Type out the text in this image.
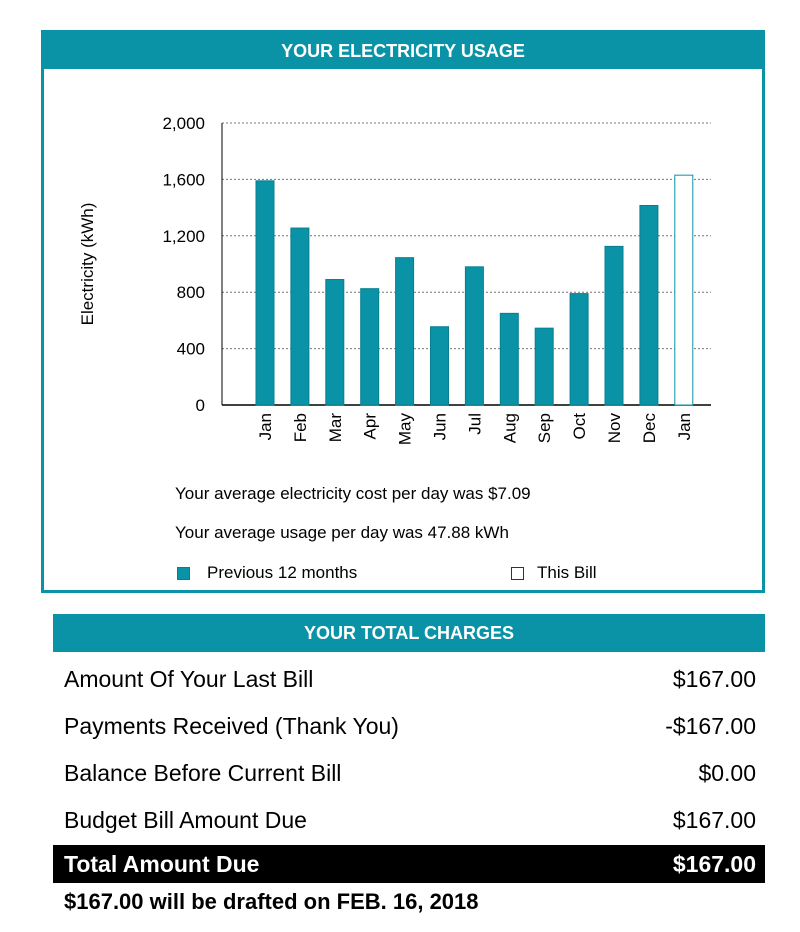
YOUR ELECTRICITY USAGE
0
400
800
1,200
1,600
2,000
Electricity (kWh)
Jan Feb Mar Apr May Jun Jul Aug Sep Oct Nov Dec Jan
Your average electricity cost per day was $7.09
Your average usage per day was 47.88 kWh
Previous 12 months	This Bill
YOUR TOTAL CHARGES
Amount Of Your Last Bill	$167.00
Payments Received (Thank You)	-$167.00
Balance Before Current Bill	$0.00
Budget Bill Amount Due	$167.00
Total Amount Due	$167.00
$167.00 will be drafted on FEB. 16, 2018
